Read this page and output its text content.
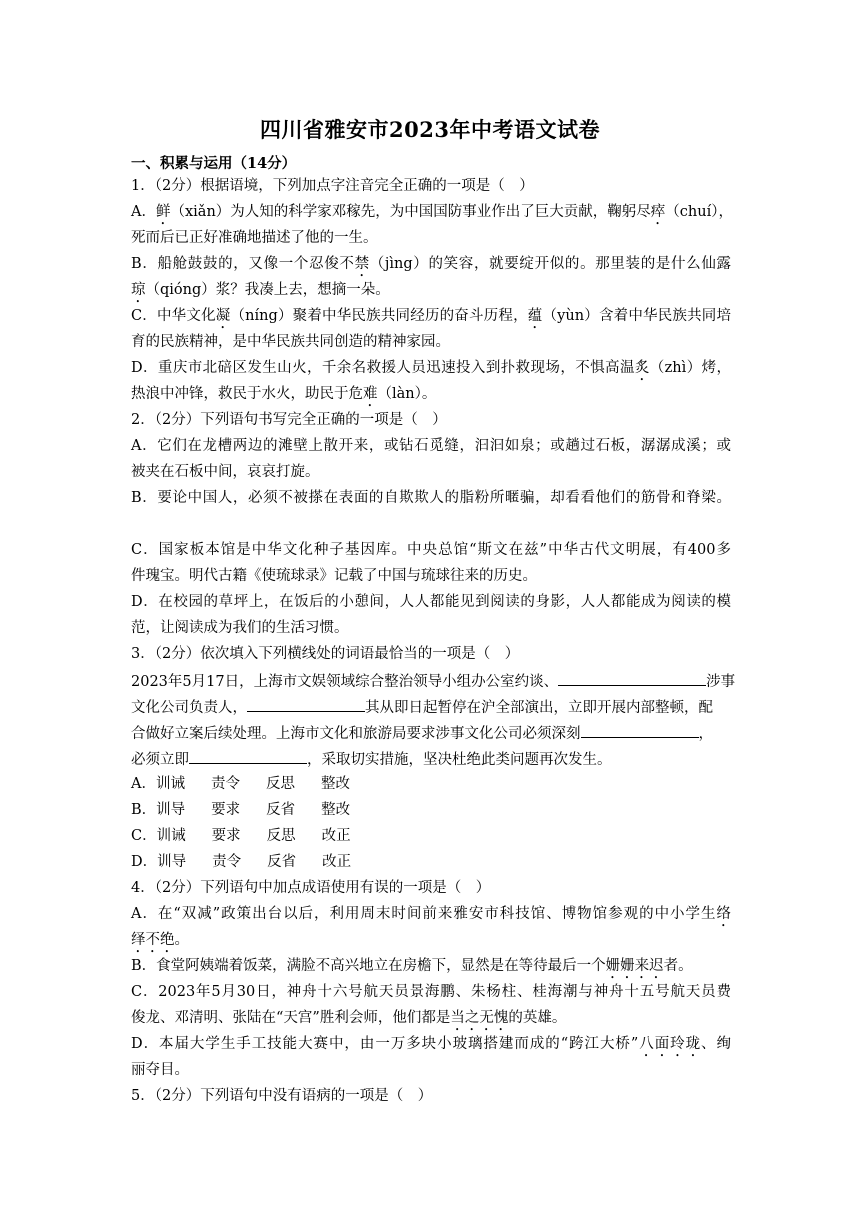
四川省雅安市2023年中考语文试卷
一、积累与运用（14分）
1．（2分）根据语境，下列加点字注音完全正确的一项是（　）
A．鲜（xiǎn）为人知的科学家邓稼先，为中国国防事业作出了巨大贡献，鞠躬尽瘁（chuí），
死而后已正好准确地描述了他的一生。
B．船舱鼓鼓的，又像一个忍俊不禁（jìng）的笑容，就要绽开似的。那里装的是什么仙露
琼（qióng）浆？我凑上去，想摘一朵。
C．中华文化凝（níng）聚着中华民族共同经历的奋斗历程，蕴（yùn）含着中华民族共同培
育的民族精神，是中华民族共同创造的精神家园。
D．重庆市北碚区发生山火，千余名救援人员迅速投入到扑救现场，不惧高温炙（zhì）烤，
热浪中冲锋，救民于水火，助民于危难（làn）。
2．（2分）下列语句书写完全正确的一项是（　）
A．它们在龙槽两边的滩壁上散开来，或钻石觅缝，汩汩如泉；或趟过石板，潺潺成溪；或
被夹在石板中间，哀哀打旋。
B．要论中国人，必须不被搽在表面的自欺欺人的脂粉所暱骗，却看看他们的筋骨和脊梁。
C．国家板本馆是中华文化种子基因库。中央总馆“斯文在兹”中华古代文明展，有400多
件瑰宝。明代古籍《使琉球录》记载了中国与琉球往来的历史。
D．在校园的草坪上，在饭后的小憩间，人人都能见到阅读的身影，人人都能成为阅读的模
范，让阅读成为我们的生活习惯。
3．（2分）依次填入下列横线处的词语最恰当的一项是（　）
2023年5月17日，上海市文娱领域综合整治领导小组办公室约谈、	涉事
文化公司负责人，	其从即日起暂停在沪全部演出，立即开展内部整顿，配
合做好立案后续处理。上海市文化和旅游局要求涉事文化公司必须深刻	，
必须立即	，采取切实措施，坚决杜绝此类问题再次发生。
A．训诫 责令 反思 整改
B．训导 要求 反省 整改
C．训诫 要求 反思 改正
D．训导 责令 反省 改正
4．（2分）下列语句中加点成语使用有误的一项是（　）
A．在“双减”政策出台以后，利用周末时间前来雅安市科技馆、博物馆参观的中小学生络
绎不绝。
B．食堂阿姨端着饭菜，满脸不高兴地立在房檐下，显然是在等待最后一个姗姗来迟者。
C．2023年5月30日，神舟十六号航天员景海鹏、朱杨柱、桂海潮与神舟十五号航天员费
俊龙、邓清明、张陆在“天宫”胜利会师，他们都是当之无愧的英雄。
D．本届大学生手工技能大赛中，由一万多块小玻璃搭建而成的“跨江大桥”八面玲珑、绚
丽夺目。
5．（2分）下列语句中没有语病的一项是（　）
